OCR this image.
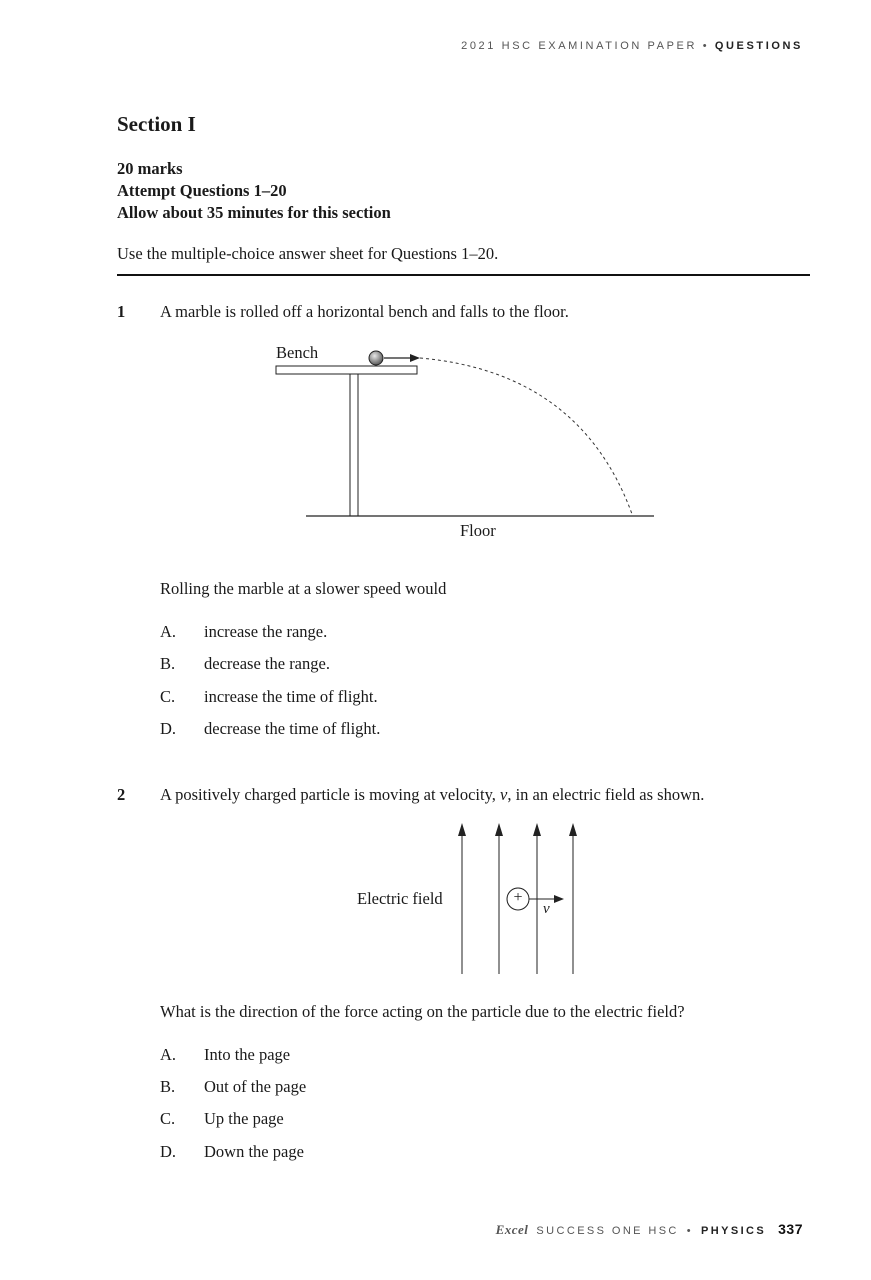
2021 HSC EXAMINATION PAPER • QUESTIONS
Section I
20 marks
Attempt Questions 1–20
Allow about 35 minutes for this section
Use the multiple-choice answer sheet for Questions 1–20.
1 A marble is rolled off a horizontal bench and falls to the floor.
Bench
Floor
Rolling the marble at a slower speed would
A. increase the range.
B. decrease the range.
C. increase the time of flight.
D. decrease the time of flight.
2 A positively charged particle is moving at velocity, v, in an electric field as shown.
+
Electric field
v
What is the direction of the force acting on the particle due to the electric field?
A. Into the page
B. Out of the page
C. Up the page
D. Down the page
Excel SUCCESS ONE HSC • PHYSICS 337
